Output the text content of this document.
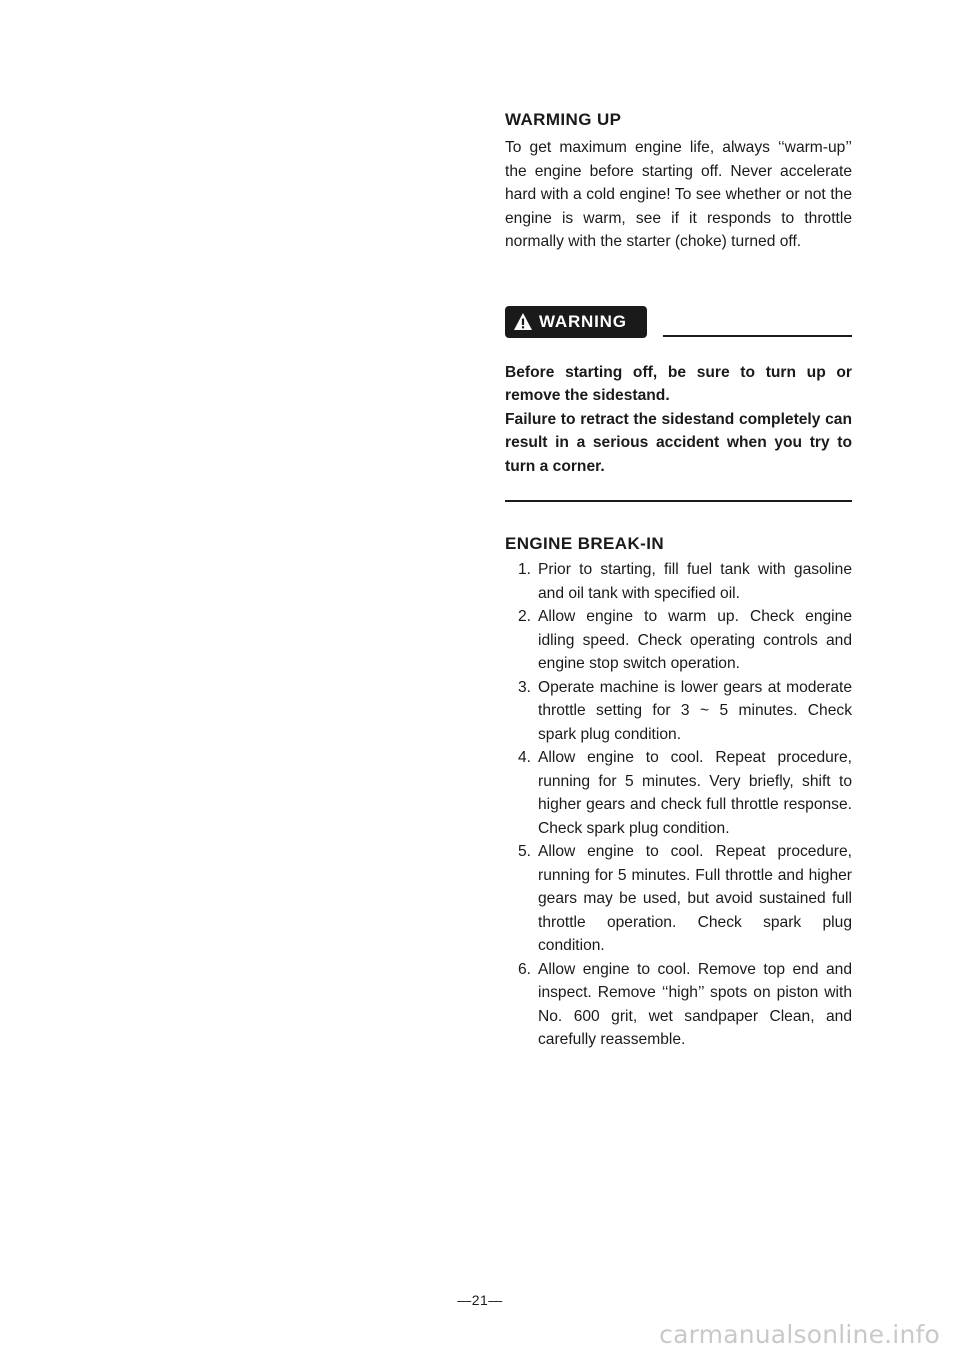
WARMING UP

To get maximum engine life, always ‘‘warm-up’’ the engine before starting off. Never accelerate hard with a cold engine! To see whether or not the engine is warm, see if it responds to throttle normally with the starter (choke) turned off.

WARNING

Before starting off, be sure to turn up or remove the sidestand.

Failure to retract the sidestand completely can result in a serious accident when you try to turn a corner.

ENGINE BREAK-IN
1. Prior to starting, fill fuel tank with gasoline and oil tank with specified oil.
2. Allow engine to warm up. Check engine idling speed. Check operating controls and engine stop switch operation.
3. Operate machine is lower gears at moderate throttle setting for 3 ~ 5 minutes. Check spark plug condition.
4. Allow engine to cool. Repeat procedure, running for 5 minutes. Very briefly, shift to higher gears and check full throttle response. Check spark plug condition.
5. Allow engine to cool. Repeat procedure, running for 5 minutes. Full throttle and higher gears may be used, but avoid sustained full throttle operation. Check spark plug condition.
6. Allow engine to cool. Remove top end and inspect. Remove ‘‘high’’ spots on piston with No. 600 grit, wet sandpaper Clean, and carefully reassemble.
—21—
carmanualsonline.info
